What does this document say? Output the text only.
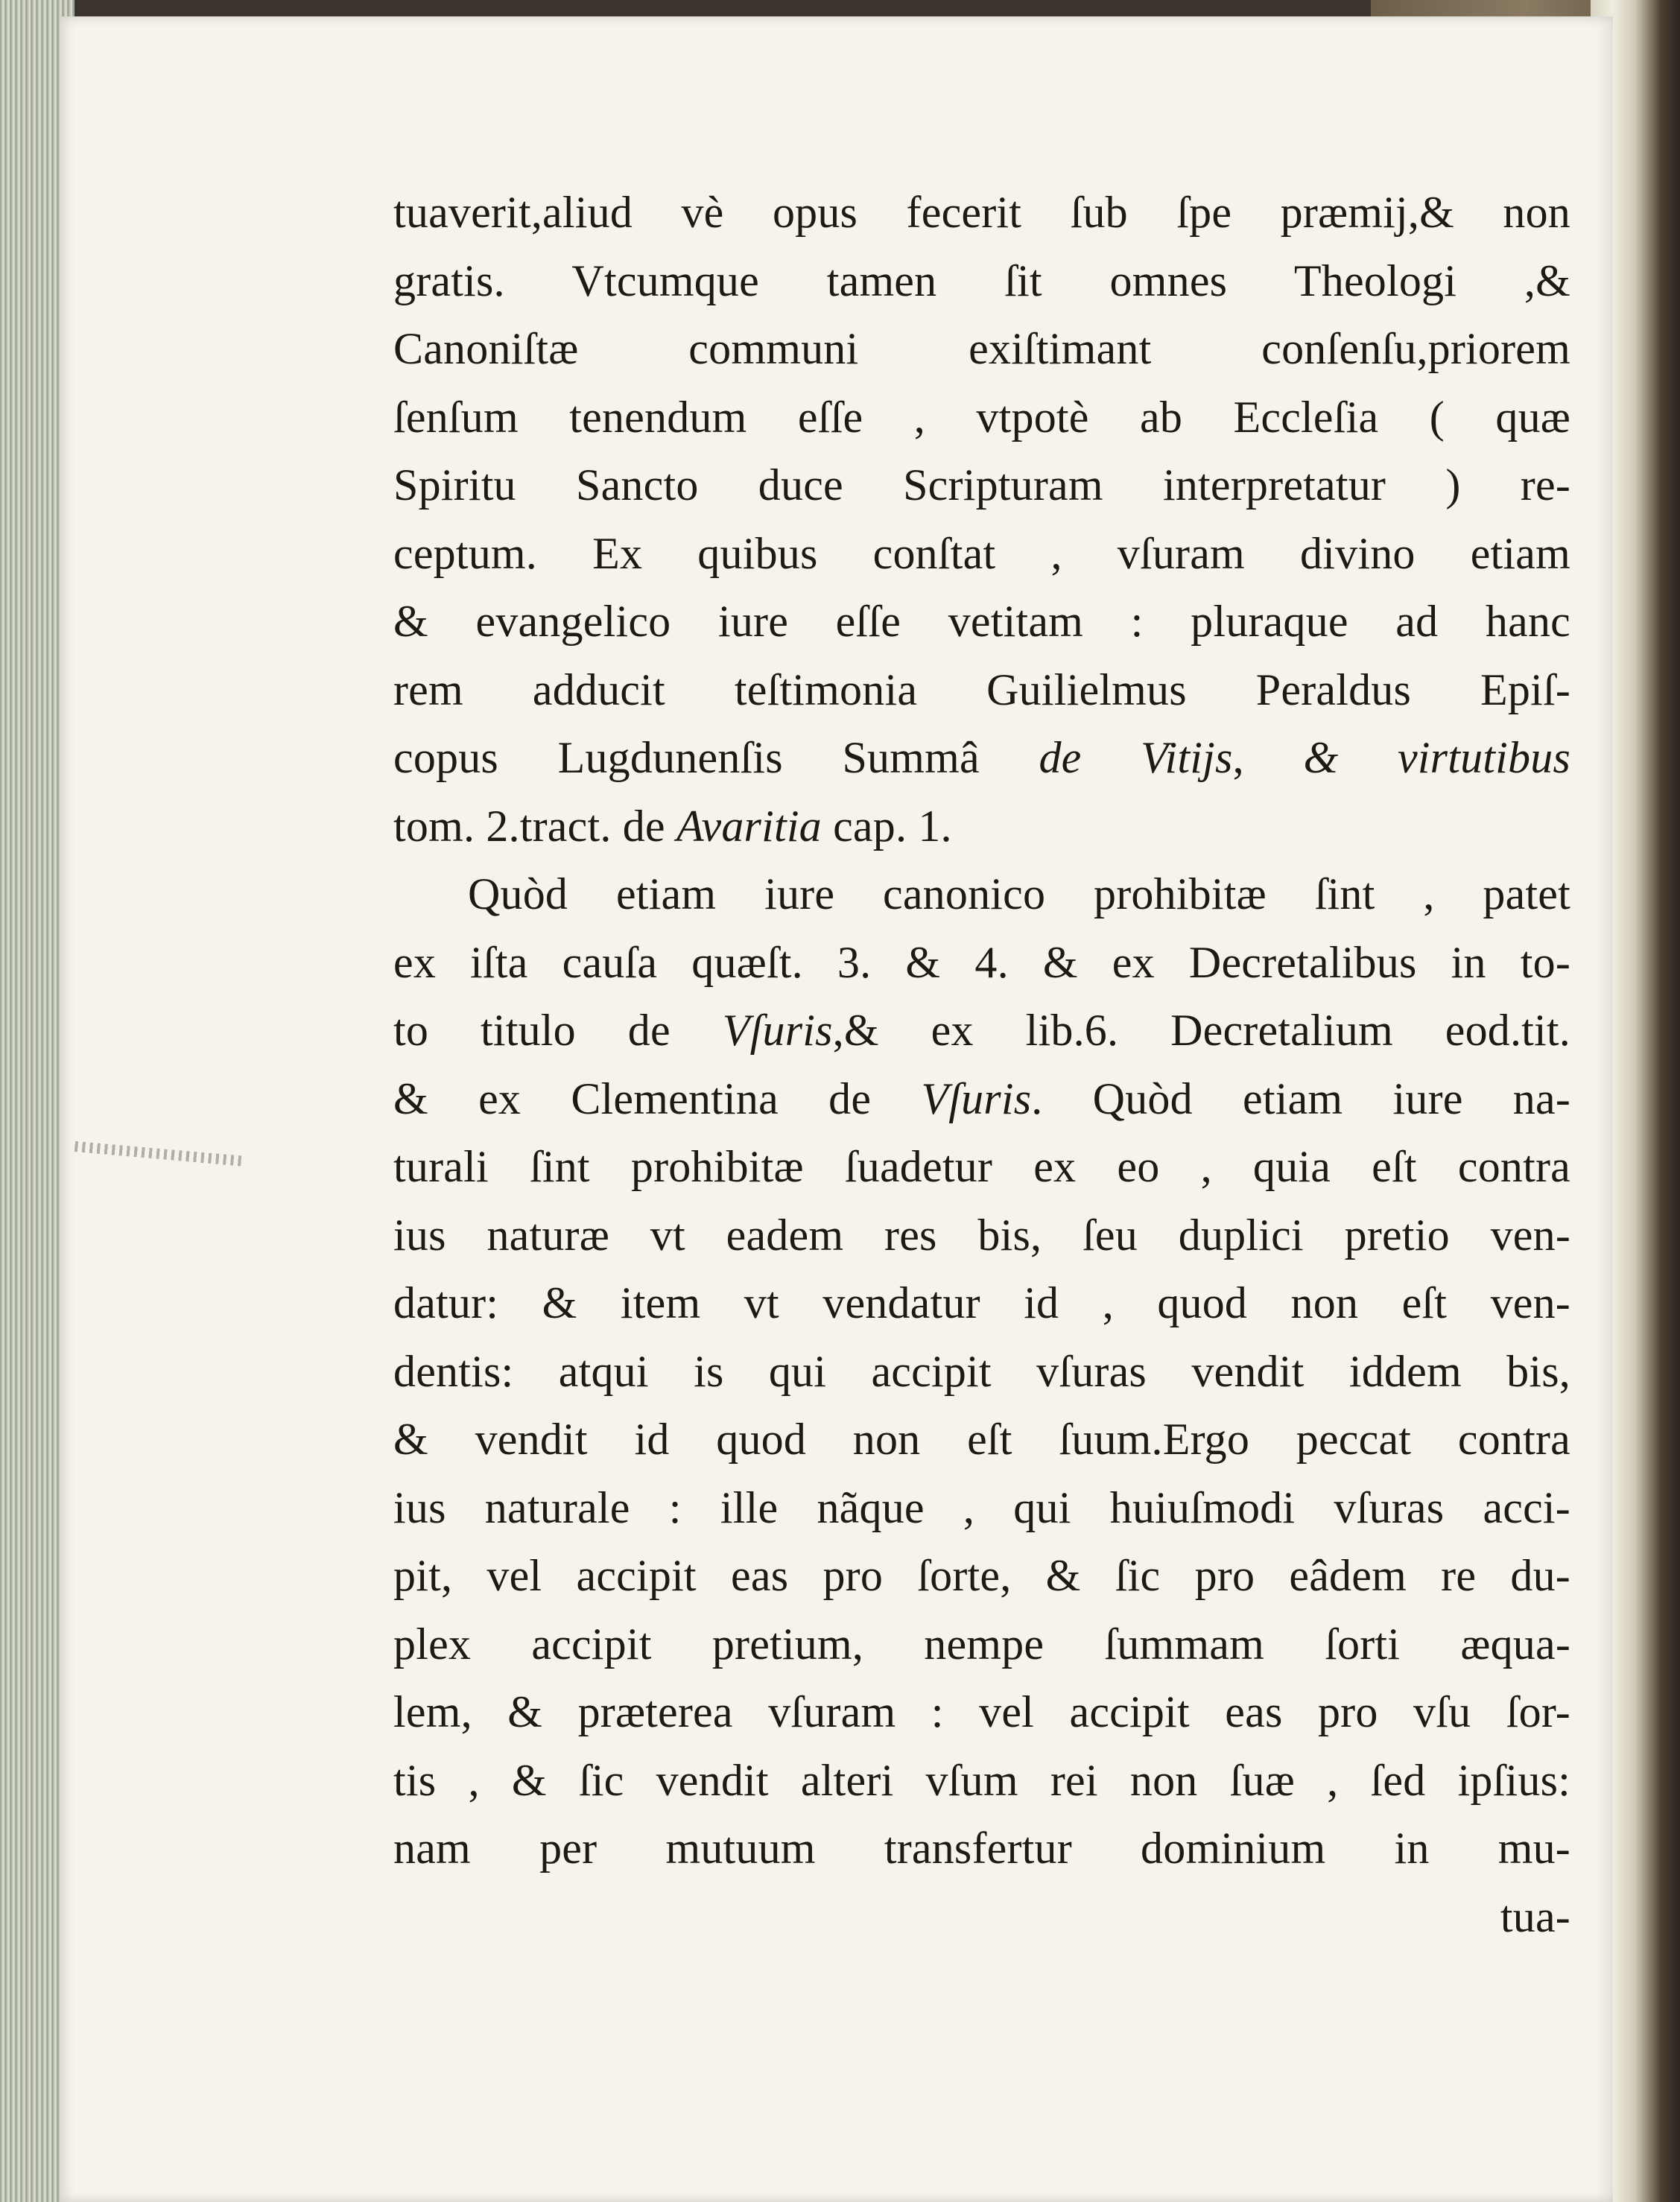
tuaverit,aliud vè opus fecerit ſub ſpe præmij,& non
gratis. Vtcumque tamen ſit omnes Theologi ,&
Canoniſtæ communi exiſtimant conſenſu,priorem
ſenſum tenendum eſſe , vtpotè ab Eccleſia ( quæ
Spiritu Sancto duce Scripturam interpretatur ) re-
ceptum. Ex quibus conſtat , vſuram divino etiam
& evangelico iure eſſe vetitam : pluraque ad hanc
rem adducit teſtimonia Guilielmus Peraldus Epiſ-
copus Lugdunenſis Summâ de Vitijs, & virtutibus
tom. 2.tract. de Avaritia cap. 1.
Quòd etiam iure canonico prohibitæ ſint , patet
ex iſta cauſa quæſt. 3. & 4. & ex Decretalibus in to-
to titulo de Vſuris,& ex lib.6. Decretalium eod.tit.
& ex Clementina de Vſuris. Quòd etiam iure na-
turali ſint prohibitæ ſuadetur ex eo , quia eſt contra
ius naturæ vt eadem res bis, ſeu duplici pretio ven-
datur: & item vt vendatur id , quod non eſt ven-
dentis: atqui is qui accipit vſuras vendit iddem bis,
& vendit id quod non eſt ſuum.Ergo peccat contra
ius naturale : ille nãque , qui huiuſmodi vſuras acci-
pit, vel accipit eas pro ſorte, & ſic pro eâdem re du-
plex accipit pretium, nempe ſummam ſorti æqua-
lem, & præterea vſuram : vel accipit eas pro vſu ſor-
tis , & ſic vendit alteri vſum rei non ſuæ , ſed ipſius:
nam per mutuum transfertur dominium in mu-
tua-
